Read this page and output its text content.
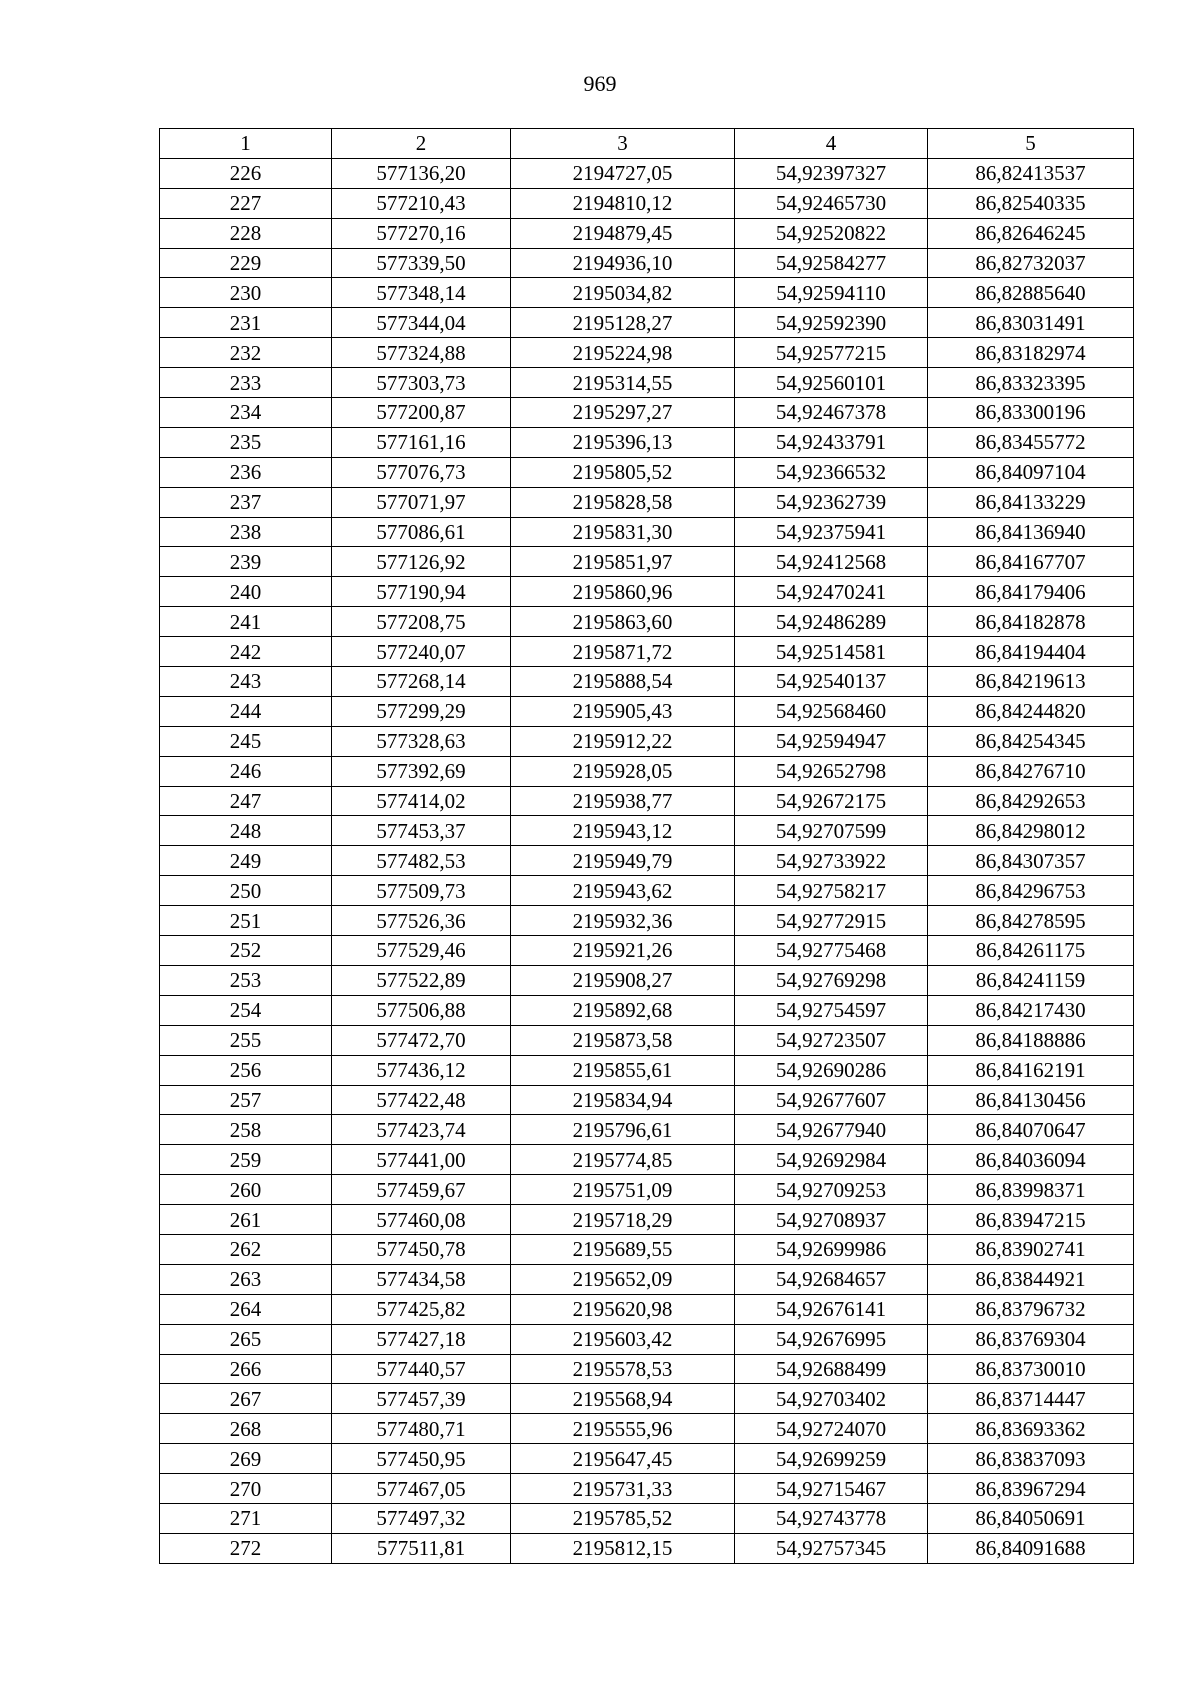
969
1	2	3	4	5
226	577136,20	2194727,05	54,92397327	86,82413537
227	577210,43	2194810,12	54,92465730	86,82540335
228	577270,16	2194879,45	54,92520822	86,82646245
229	577339,50	2194936,10	54,92584277	86,82732037
230	577348,14	2195034,82	54,92594110	86,82885640
231	577344,04	2195128,27	54,92592390	86,83031491
232	577324,88	2195224,98	54,92577215	86,83182974
233	577303,73	2195314,55	54,92560101	86,83323395
234	577200,87	2195297,27	54,92467378	86,83300196
235	577161,16	2195396,13	54,92433791	86,83455772
236	577076,73	2195805,52	54,92366532	86,84097104
237	577071,97	2195828,58	54,92362739	86,84133229
238	577086,61	2195831,30	54,92375941	86,84136940
239	577126,92	2195851,97	54,92412568	86,84167707
240	577190,94	2195860,96	54,92470241	86,84179406
241	577208,75	2195863,60	54,92486289	86,84182878
242	577240,07	2195871,72	54,92514581	86,84194404
243	577268,14	2195888,54	54,92540137	86,84219613
244	577299,29	2195905,43	54,92568460	86,84244820
245	577328,63	2195912,22	54,92594947	86,84254345
246	577392,69	2195928,05	54,92652798	86,84276710
247	577414,02	2195938,77	54,92672175	86,84292653
248	577453,37	2195943,12	54,92707599	86,84298012
249	577482,53	2195949,79	54,92733922	86,84307357
250	577509,73	2195943,62	54,92758217	86,84296753
251	577526,36	2195932,36	54,92772915	86,84278595
252	577529,46	2195921,26	54,92775468	86,84261175
253	577522,89	2195908,27	54,92769298	86,84241159
254	577506,88	2195892,68	54,92754597	86,84217430
255	577472,70	2195873,58	54,92723507	86,84188886
256	577436,12	2195855,61	54,92690286	86,84162191
257	577422,48	2195834,94	54,92677607	86,84130456
258	577423,74	2195796,61	54,92677940	86,84070647
259	577441,00	2195774,85	54,92692984	86,84036094
260	577459,67	2195751,09	54,92709253	86,83998371
261	577460,08	2195718,29	54,92708937	86,83947215
262	577450,78	2195689,55	54,92699986	86,83902741
263	577434,58	2195652,09	54,92684657	86,83844921
264	577425,82	2195620,98	54,92676141	86,83796732
265	577427,18	2195603,42	54,92676995	86,83769304
266	577440,57	2195578,53	54,92688499	86,83730010
267	577457,39	2195568,94	54,92703402	86,83714447
268	577480,71	2195555,96	54,92724070	86,83693362
269	577450,95	2195647,45	54,92699259	86,83837093
270	577467,05	2195731,33	54,92715467	86,83967294
271	577497,32	2195785,52	54,92743778	86,84050691
272	577511,81	2195812,15	54,92757345	86,84091688
